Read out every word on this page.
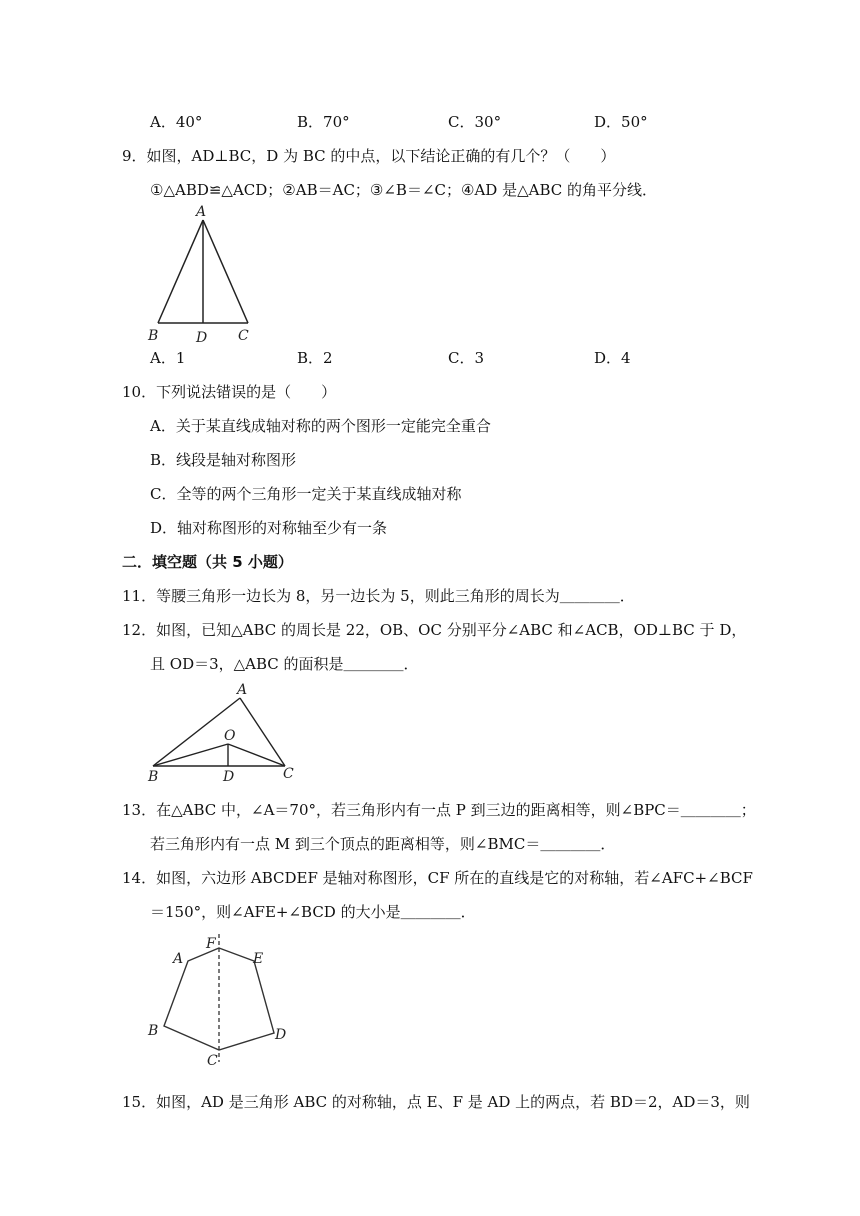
A．40°	B．70°	C．30°	D．50°
9．如图，AD⊥BC，D 为 BC 的中点，以下结论正确的有几个？（　　）
①△ABD≌△ACD；②AB＝AC；③∠B＝∠C；④AD 是△ABC 的角平分线．
A
B	D C
A．1	B．2	C．3	D．4
10．下列说法错误的是（　　）
A．关于某直线成轴对称的两个图形一定能完全重合
B．线段是轴对称图形
C．全等的两个三角形一定关于某直线成轴对称
D．轴对称图形的对称轴至少有一条
二．填空题（共 5 小题）
11．等腰三角形一边长为 8，另一边长为 5，则此三角形的周长为＿＿＿＿．
12．如图，已知△ABC 的周长是 22，OB、OC 分别平分∠ABC 和∠ACB，OD⊥BC 于 D，
且 OD＝3，△ABC 的面积是＿＿＿＿．
A
O
B	D	C
13．在△ABC 中，∠A＝70°，若三角形内有一点 P 到三边的距离相等，则∠BPC＝＿＿＿＿；
若三角形内有一点 M 到三个顶点的距离相等，则∠BMC＝＿＿＿＿．
14．如图，六边形 ABCDEF 是轴对称图形，CF 所在的直线是它的对称轴，若∠AFC+∠BCF
＝150°，则∠AFE+∠BCD 的大小是＿＿＿＿．
F
A	E
B	D
C
15．如图，AD 是三角形 ABC 的对称轴，点 E、F 是 AD 上的两点，若 BD＝2，AD＝3，则
